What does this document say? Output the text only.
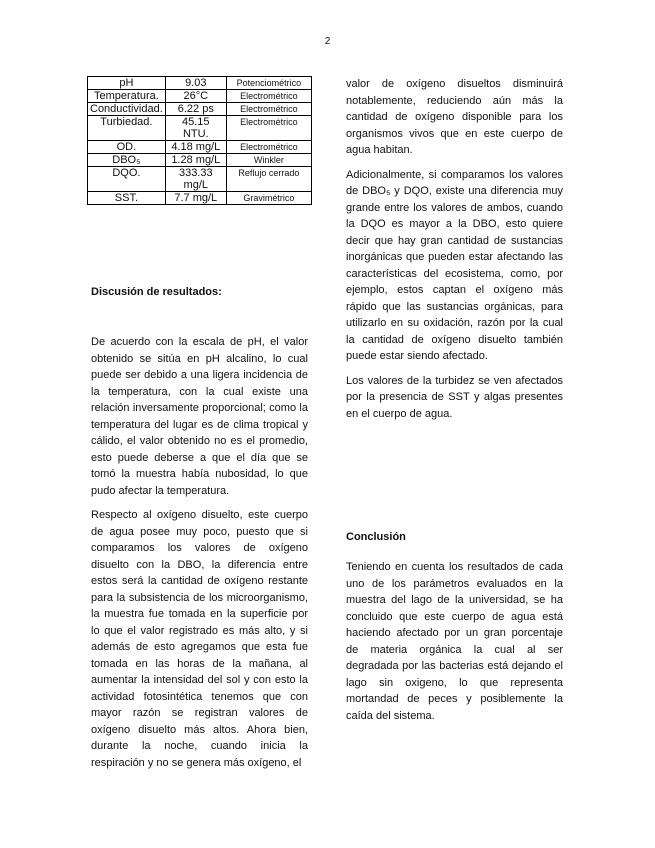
2
pH	9.03	Potenciométrico
Temperatura.	26°C	Electrométrico
Conductividad.	6.22 ps	Electrométrico
Turbiedad.	45.15 NTU.	Electrométrico
OD.	4.18 mg/L	Electrométrico
DBO₅	1.28 mg/L	Winkler
DQO.	333.33 mg/L	Reflujo cerrado
SST.	7.7 mg/L	Gravimétrico
Discusión de resultados:

De acuerdo con la escala de pH, el valor obtenido se sitúa en pH alcalino, lo cual puede ser debido a una ligera incidencia de la temperatura, con la cual existe una relación inversamente proporcional; como la temperatura del lugar es de clima tropical y cálido, el valor obtenido no es el promedio, esto puede deberse a que el día que se tomó la muestra había nubosidad, lo que pudo afectar la temperatura.

Respecto al oxígeno disuelto, este cuerpo de agua posee muy poco, puesto que si comparamos los valores de oxígeno disuelto con la DBO, la diferencia entre estos será la cantidad de oxígeno restante para la subsistencia de los microorganismo, la muestra fue tomada en la superficie por lo que el valor registrado es más alto, y si además de esto agregamos que esta fue tomada en las horas de la mañana, al aumentar la intensidad del sol y con esto la actividad fotosintética tenemos que con mayor razón se registran valores de oxígeno disuelto más altos. Ahora bien, durante la noche, cuando inicia la respiración y no se genera más oxígeno, el

valor de oxígeno disueltos disminuirá notablemente, reduciendo aún más la cantidad de oxígeno disponible para los organismos vivos que en este cuerpo de agua habitan.

Adicionalmente, si comparamos los valores de DBO₅ y DQO, existe una diferencia muy grande entre los valores de ambos, cuando la DQO es mayor a la DBO, esto quiere decir que hay gran cantidad de sustancias inorgánicas que pueden estar afectando las características del ecosistema, como, por ejemplo, estos captan el oxígeno más rápido que las sustancias orgánicas, para utilizarlo en su oxidación, razón por la cual la cantidad de oxígeno disuelto también puede estar siendo afectado.

Los valores de la turbidez se ven afectados por la presencia de SST y algas presentes en el cuerpo de agua.

Conclusión

Teniendo en cuenta los resultados de cada uno de los parámetros evaluados en la muestra del lago de la universidad, se ha concluido que este cuerpo de agua está haciendo afectado por un gran porcentaje de materia orgánica la cual al ser degradada por las bacterias está dejando el lago sin oxigeno, lo que representa mortandad de peces y posiblemente la caída del sistema.
